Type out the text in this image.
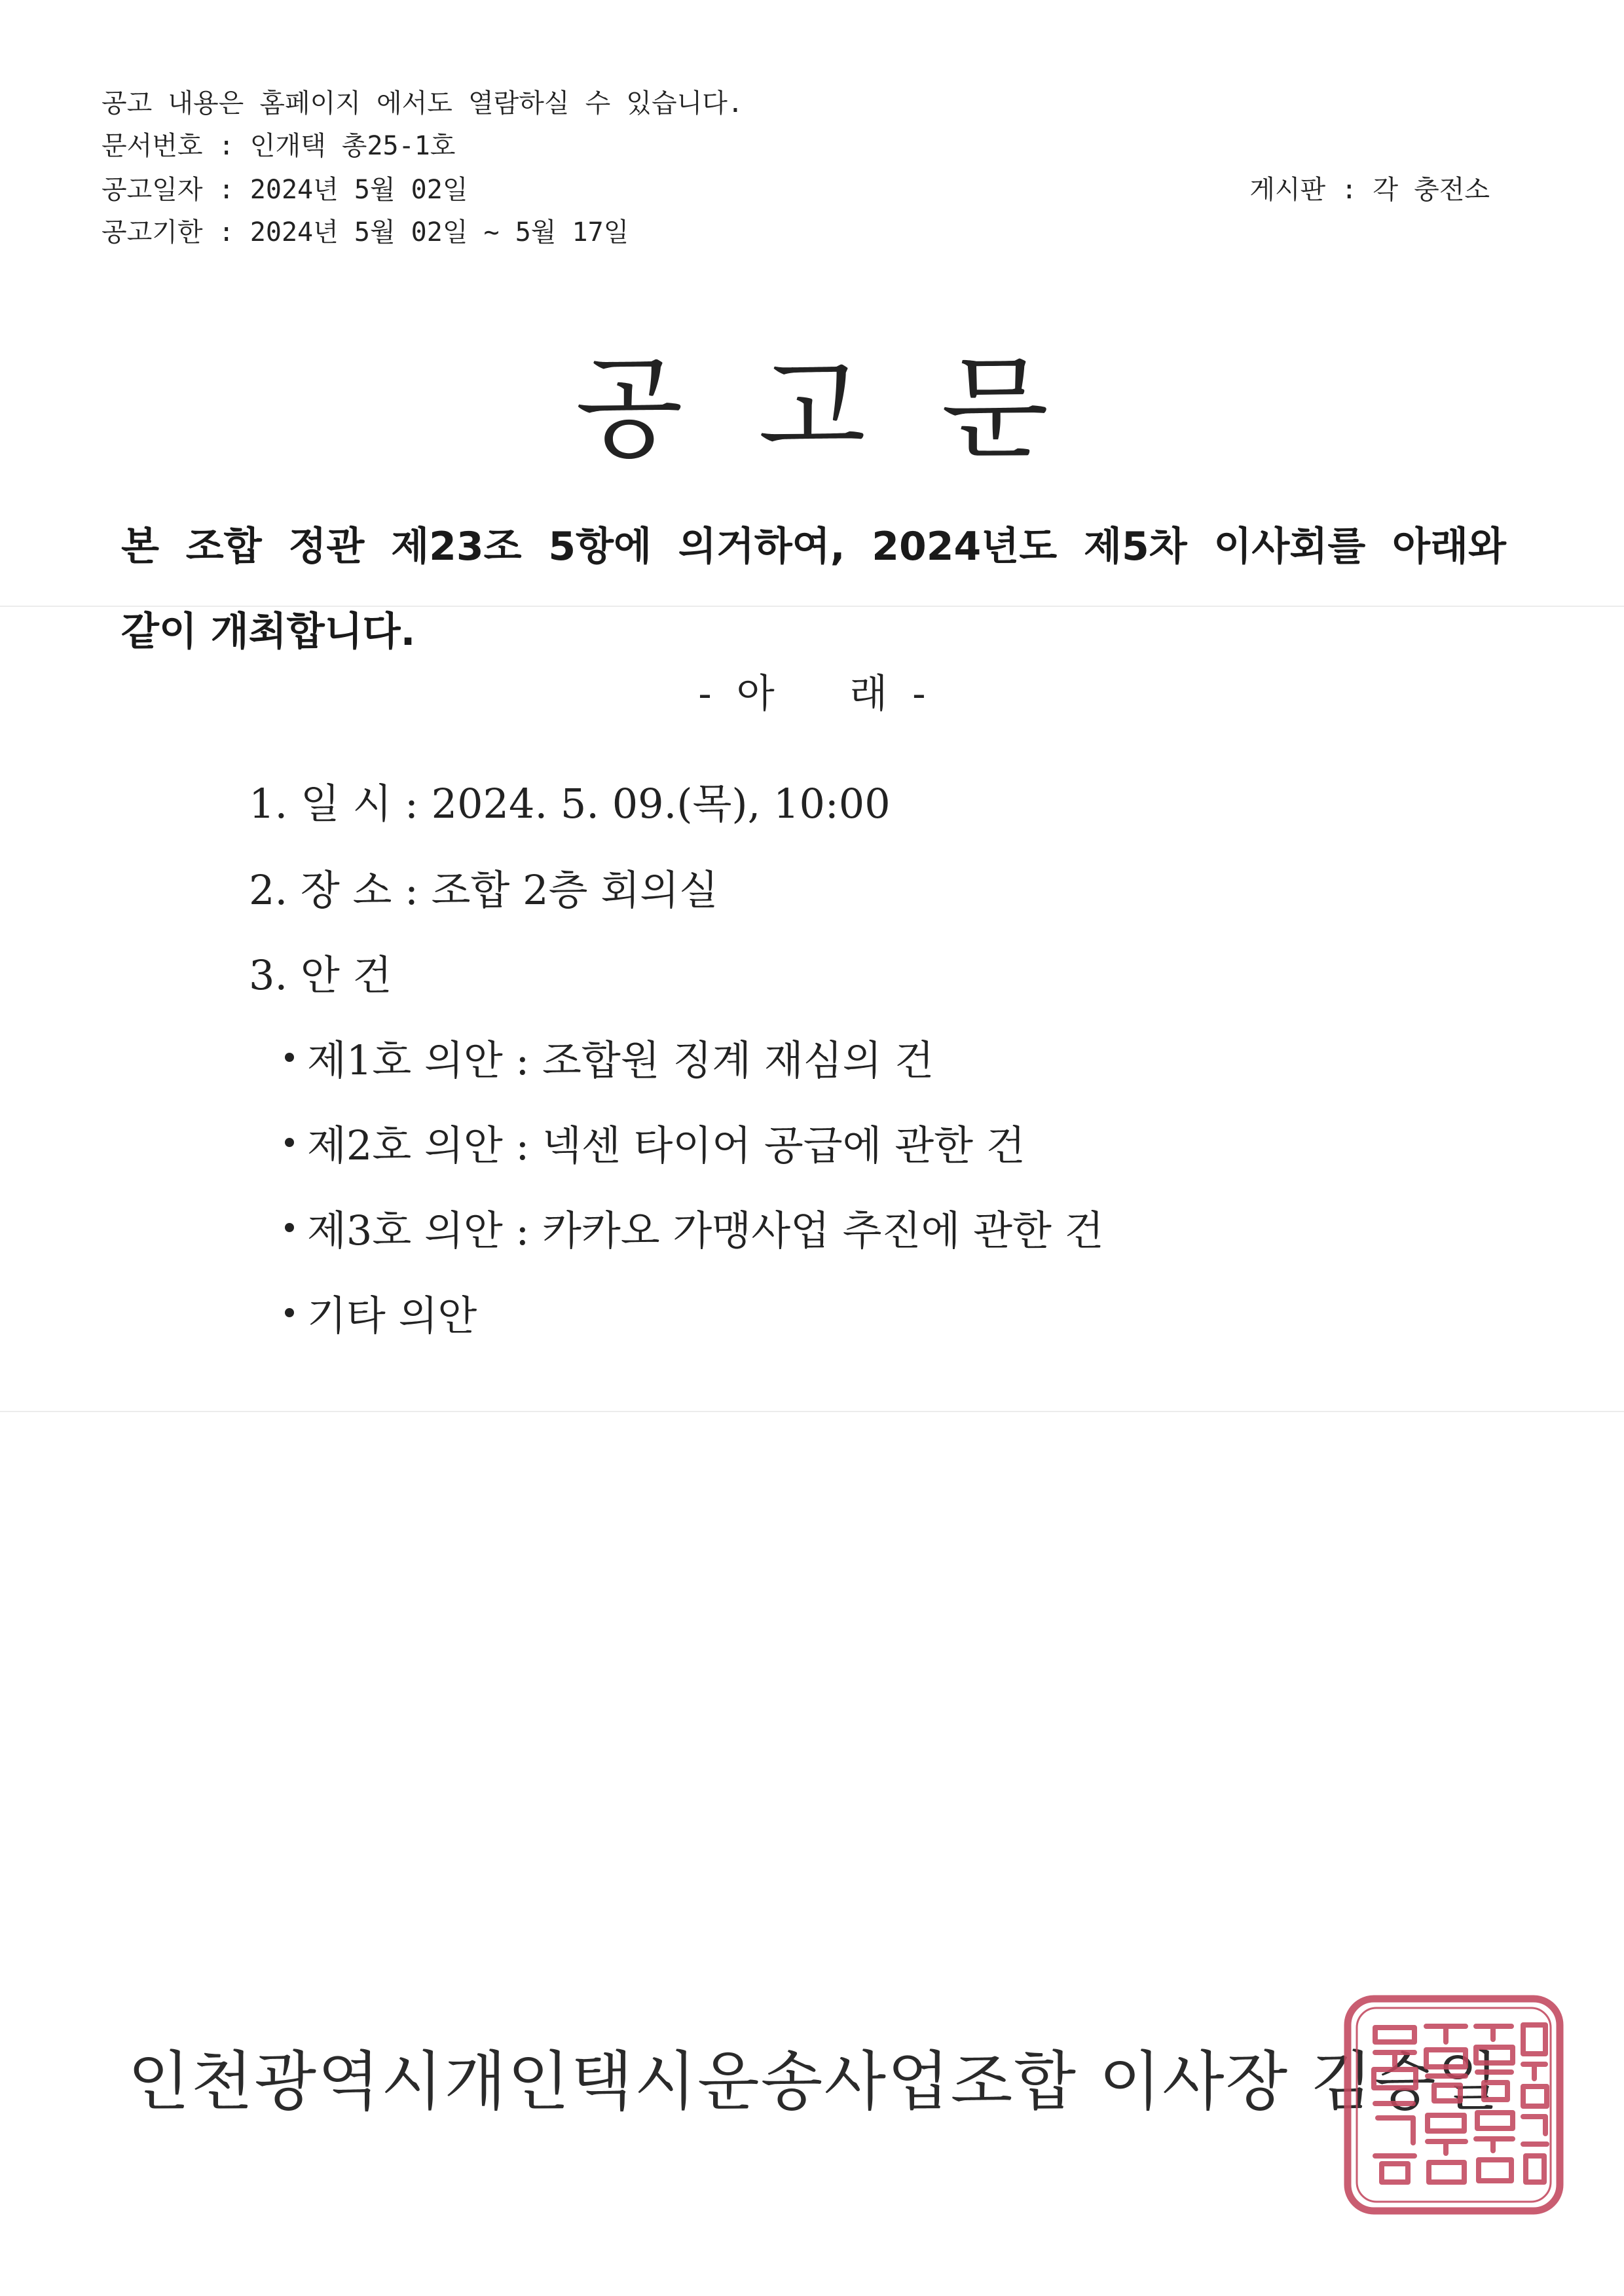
공고 내용은 홈페이지 에서도 열람하실 수 있습니다.
문서번호 : 인개택 총25-1호
공고일자 : 2024년 5월 02일	게시판 : 각 충전소
공고기한 : 2024년 5월 02일 ~ 5월 17일
공고문
본 조합 정관 제23조 5항에 의거하여, 2024년도 제5차 이사회를 아래와
같이 개최합니다.
-  아      래  -
1. 일 시 : 2024. 5. 09.(목), 10:00
2. 장 소 : 조합 2층 회의실
3. 안 건
제1호 의안 : 조합원 징계 재심의 건
제2호 의안 : 넥센 타이어 공급에 관한 건
제3호 의안 : 카카오 가맹사업 추진에 관한 건
기타 의안
인천광역시개인택시운송사업조합 이사장 김승일
